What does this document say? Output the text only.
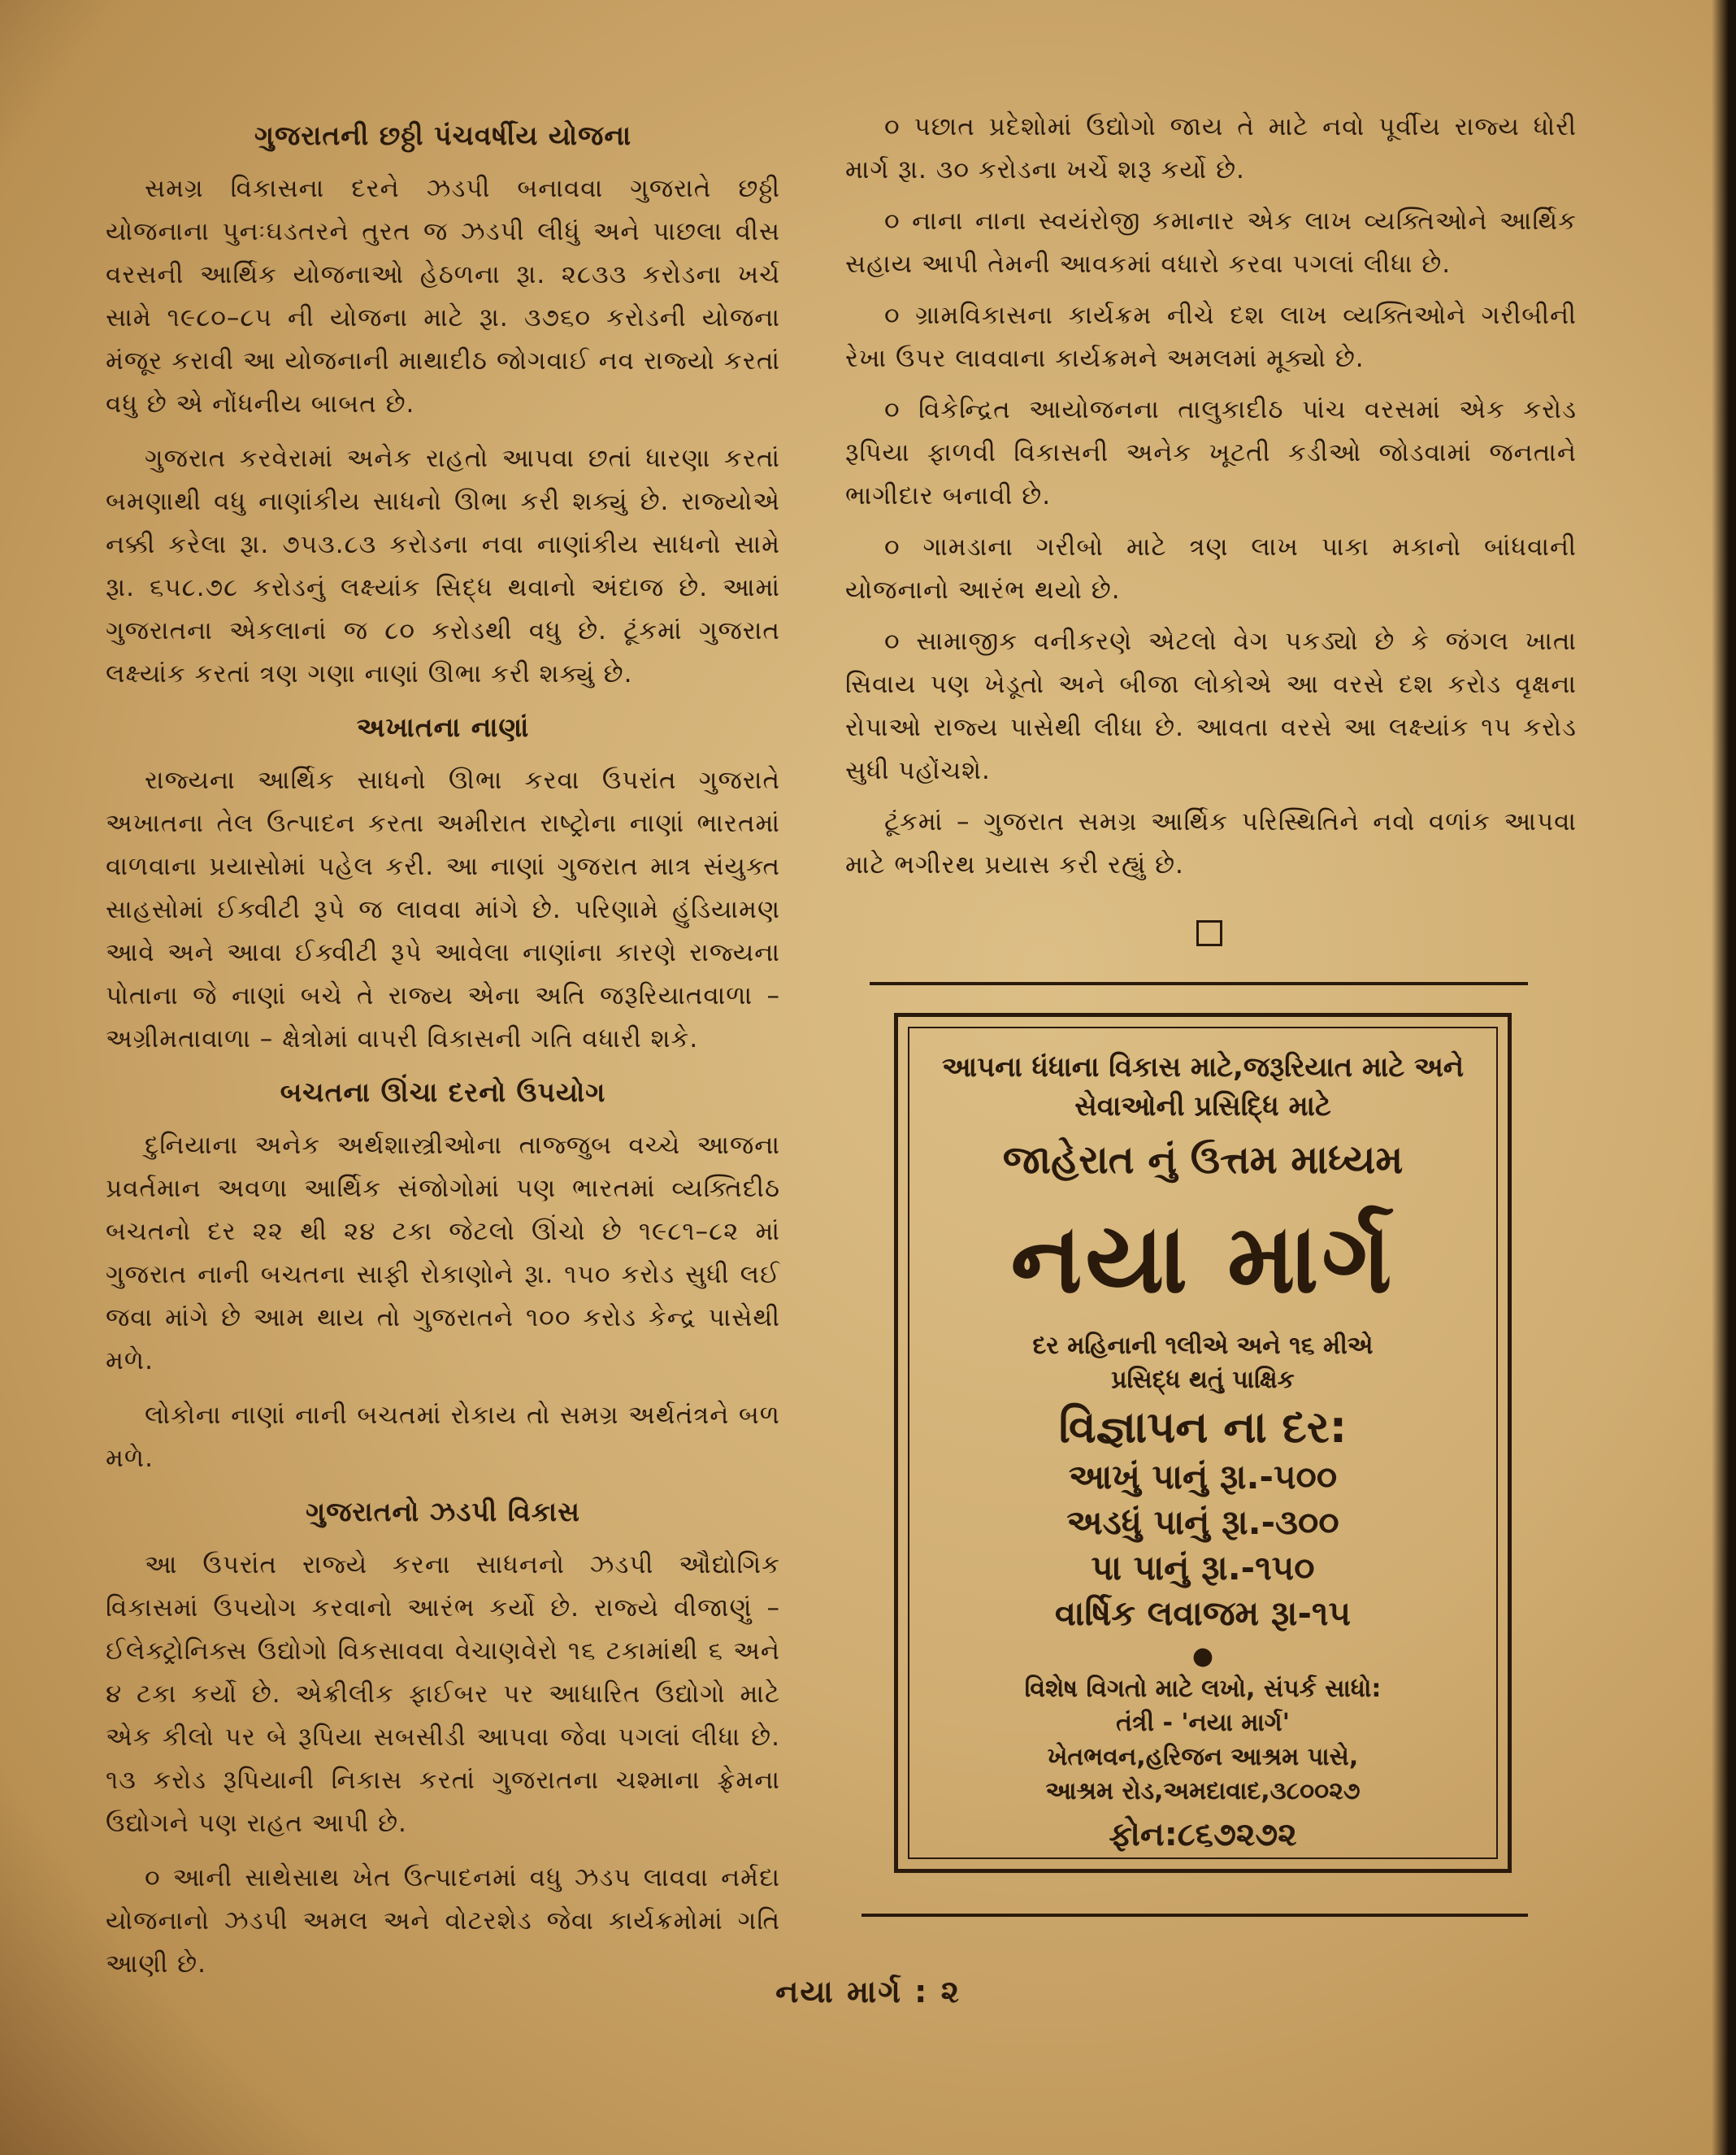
ગુજરાતની છઠ્ઠી પંચવર્ષીય યોજના

સમગ્ર વિકાસના દરને ઝડપી બનાવવા ગુજરાતે છઠ્ઠી યોજનાના પુનઃઘડતરને તુરત જ ઝડપી લીધું અને પાછલા વીસ વરસની આર્થિક યોજનાઓ હેઠળના રૂા. ૨૮૩૩ કરોડના ખર્ચ સામે ૧૯૮૦–૮૫ ની યોજના માટે રૂા. ૩૭૬૦ કરોડની યોજના મંજૂર કરાવી આ યોજનાની માથાદીઠ જોગવાઈ નવ રાજ્યો કરતાં વધુ છે એ નોંધનીય બાબત છે.

ગુજરાત કરવેરામાં અનેક રાહતો આપવા છતાં ધારણા કરતાં બમણાથી વધુ નાણાંકીય સાધનો ઊભા કરી શક્યું છે. રાજ્યોએ નક્કી કરેલા રૂા. ૭૫૩.૮૩ કરોડના નવા નાણાંકીય સાધનો સામે રૂા. ૬૫૮.૭૮ કરોડનું લક્ષ્યાંક સિદ્ધ થવાનો અંદાજ છે. આમાં ગુજરાતના એકલાનાં જ ૮૦ કરોડથી વધુ છે. ટૂંકમાં ગુજરાત લક્ષ્યાંક કરતાં ત્રણ ગણા નાણાં ઊભા કરી શક્યું છે.

અખાતના નાણાં

રાજ્યના આર્થિક સાધનો ઊભા કરવા ઉપરાંત ગુજરાતે અખાતના તેલ ઉત્પાદન કરતા અમીરાત રાષ્ટ્રોના નાણાં ભારતમાં વાળવાના પ્રયાસોમાં પહેલ કરી. આ નાણાં ગુજરાત માત્ર સંયુક્ત સાહસોમાં ઈક્વીટી રૂપે જ લાવવા માંગે છે. પરિણામે હુંડિયામણ આવે અને આવા ઈક્વીટી રૂપે આવેલા નાણાંના કારણે રાજ્યના પોતાના જે નાણાં બચે તે રાજ્ય એના અતિ જરૂરિયાતવાળા – અગ્રીમતાવાળા – ક્ષેત્રોમાં વાપરી વિકાસની ગતિ વધારી શકે.

બચતના ઊંચા દરનો ઉપયોગ

દુનિયાના અનેક અર્થશાસ્ત્રીઓના તાજ્જુબ વચ્ચે આજના પ્રવર્તમાન અવળા આર્થિક સંજોગોમાં પણ ભારતમાં વ્યક્તિદીઠ બચતનો દર ૨૨ થી ૨૪ ટકા જેટલો ઊંચો છે ૧૯૮૧–૮૨ માં ગુજરાત નાની બચતના સાફી રોકાણોને રૂા. ૧૫૦ કરોડ સુધી લઈ જવા માંગે છે આમ થાય તો ગુજરાતને ૧૦૦ કરોડ કેન્દ્ર પાસેથી મળે.

લોકોના નાણાં નાની બચતમાં રોકાય તો સમગ્ર અર્થતંત્રને બળ મળે.

ગુજરાતનો ઝડપી વિકાસ

આ ઉપરાંત રાજ્યે કરના સાધનનો ઝડપી ઔદ્યોગિક વિકાસમાં ઉપયોગ કરવાનો આરંભ કર્યો છે. રાજ્યે વીજાણું – ઈલેક્ટ્રોનિક્સ ઉદ્યોગો વિકસાવવા વેચાણવેરો ૧૬ ટકામાંથી ૬ અને ૪ ટકા કર્યો છે. એક્રીલીક ફાઈબર પર આધારિત ઉદ્યોગો માટે એક કીલો પર બે રૂપિયા સબસીડી આપવા જેવા પગલાં લીધા છે. ૧૩ કરોડ રૂપિયાની નિકાસ કરતાં ગુજરાતના ચશ્માના ફ્રેમના ઉદ્યોગને પણ રાહત આપી છે.

૦ આની સાથેસાથ ખેત ઉત્પાદનમાં વધુ ઝડપ લાવવા નર્મદા યોજનાનો ઝડપી અમલ અને વોટરશેડ જેવા કાર્યક્રમોમાં ગતિ આણી છે.

૦ પછાત પ્રદેશોમાં ઉદ્યોગો જાય તે માટે નવો પૂર્વીય રાજ્ય ધોરી માર્ગ રૂા. ૩૦ કરોડના ખર્ચે શરૂ કર્યો છે.

૦ નાના નાના સ્વયંરોજી કમાનાર એક લાખ વ્યક્તિઓને આર્થિક સહાય આપી તેમની આવકમાં વધારો કરવા પગલાં લીધા છે.

૦ ગ્રામવિકાસના કાર્યક્રમ નીચે દશ લાખ વ્યક્તિઓને ગરીબીની રેખા ઉપર લાવવાના કાર્યક્રમને અમલમાં મૂક્યો છે.

૦ વિકેન્દ્રિત આયોજનના તાલુકાદીઠ પાંચ વરસમાં એક કરોડ રૂપિયા ફાળવી વિકાસની અનેક ખૂટતી કડીઓ જોડવામાં જનતાને ભાગીદાર બનાવી છે.

૦ ગામડાના ગરીબો માટે ત્રણ લાખ પાકા મકાનો બાંધવાની યોજનાનો આરંભ થયો છે.

૦ સામાજીક વનીકરણે એટલો વેગ પકડ્યો છે કે જંગલ ખાતા સિવાય પણ ખેડૂતો અને બીજા લોકોએ આ વરસે દશ કરોડ વૃક્ષના રોપાઓ રાજ્ય પાસેથી લીધા છે. આવતા વરસે આ લક્ષ્યાંક ૧૫ કરોડ સુધી પહોંચશે.

ટૂંકમાં – ગુજરાત સમગ્ર આર્થિક પરિસ્થિતિને નવો વળાંક આપવા માટે ભગીરથ પ્રયાસ કરી રહ્યું છે.

આપના ધંધાના વિકાસ માટે,જરૂરિયાત માટે અને

સેવાઓની પ્રસિદ્ધિ માટે

જાહેરાત નું ઉત્તમ માધ્યમ

નયા માર્ગ

દર મહિનાની ૧લીએ અને ૧૬ મીએ

પ્રસિદ્ધ થતું પાક્ષિક

વિજ્ઞાપન ના દર:

આખું પાનું રૂા.-૫૦૦

અડધું પાનું રૂા.-૩૦૦

પા પાનું રૂા.-૧૫૦

વાર્ષિક લવાજમ રૂા-૧૫

●

વિશેષ વિગતો માટે લખો, સંપર્ક સાધો:

તંત્રી - 'નયા માર્ગ'

ખેતભવન,હરિજન આશ્રમ પાસે,

આશ્રમ રોડ,અમદાવાદ,૩૮૦૦૨૭

ફોન:૮૬૭૨૭૨

નયા માર્ગ : ૨
